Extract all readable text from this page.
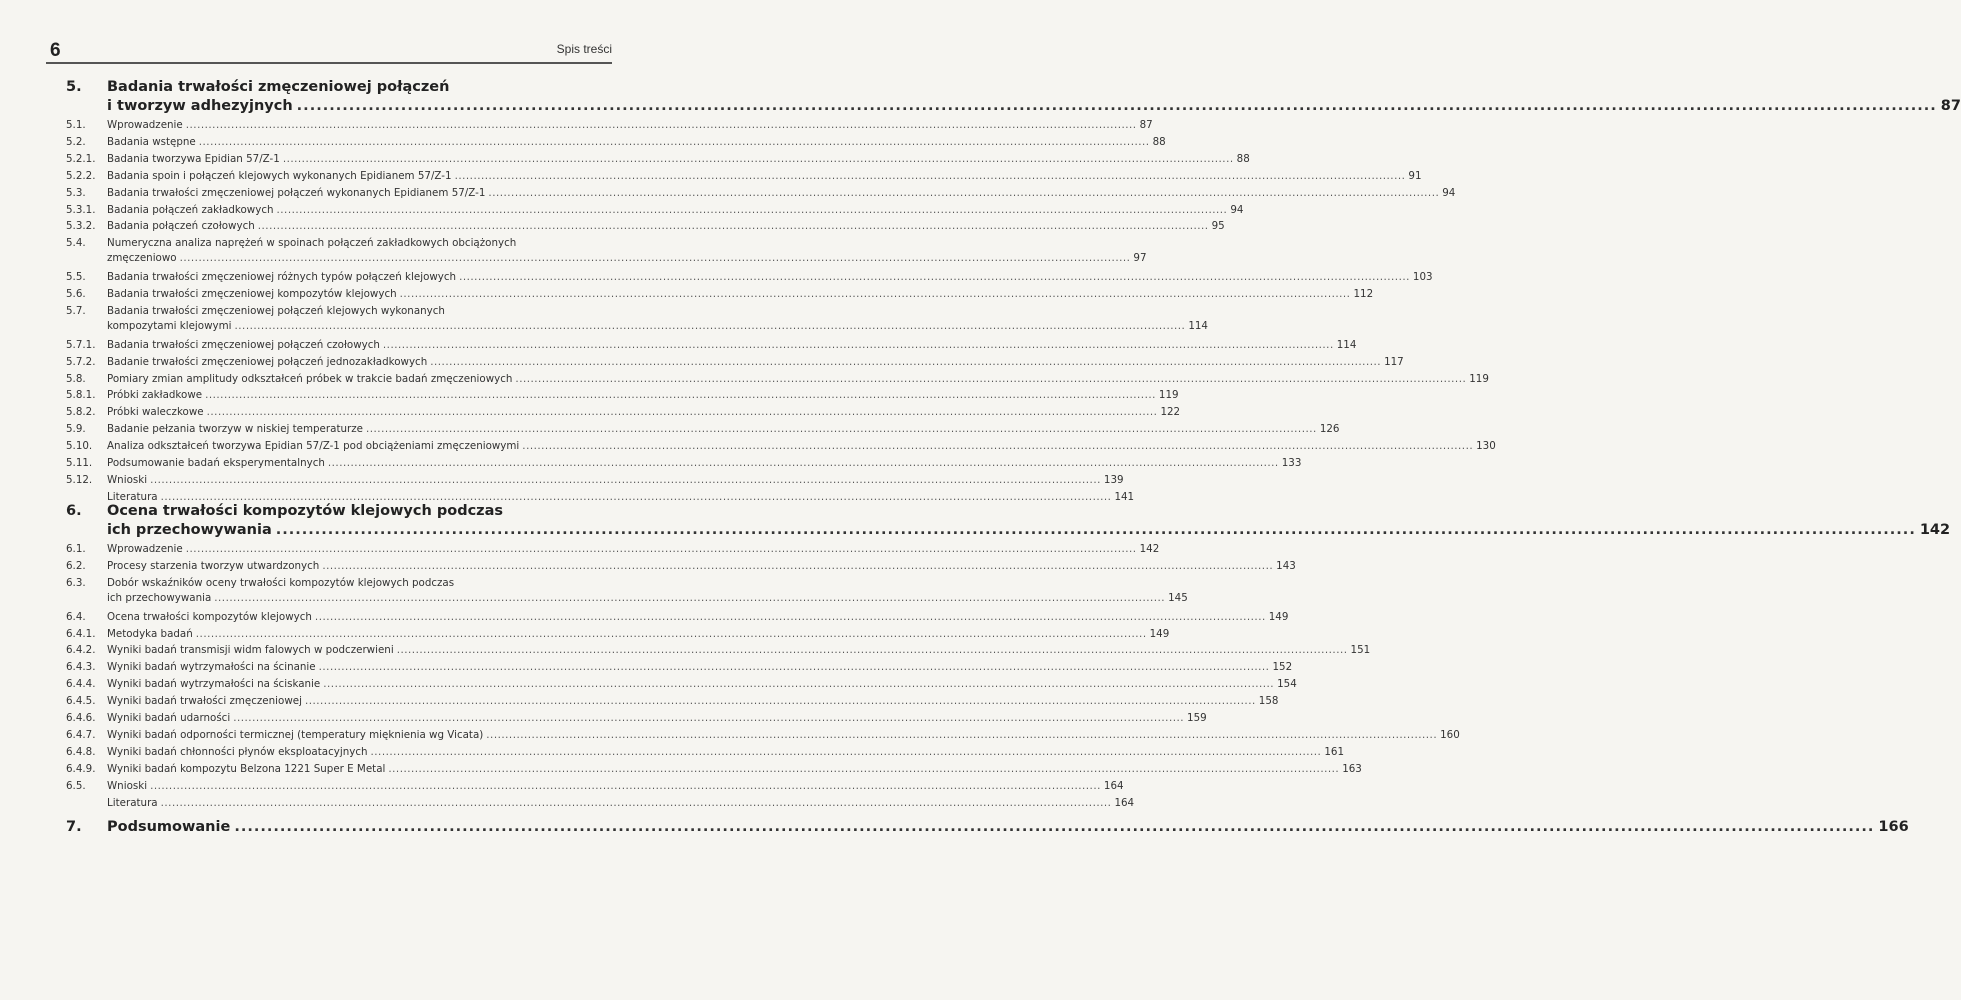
6	Spis treści
5. Badania trwałości zmęczeniowej połączeń
i tworzyw adhezyjnych ............................................................................................................................................................................................................................................................ 87
5.1. Wprowadzenie ............................................................................................................................................................................................................................................................ 87
5.2. Badania wstępne ............................................................................................................................................................................................................................................................ 88
5.2.1. Badania tworzywa Epidian 57/Z-1 ............................................................................................................................................................................................................................................................ 88
5.2.2. Badania spoin i połączeń klejowych wykonanych Epidianem 57/Z-1 ............................................................................................................................................................................................................................................................ 91
5.3. Badania trwałości zmęczeniowej połączeń wykonanych Epidianem 57/Z-1 ............................................................................................................................................................................................................................................................ 94
5.3.1. Badania połączeń zakładkowych ............................................................................................................................................................................................................................................................ 94
5.3.2. Badania połączeń czołowych ............................................................................................................................................................................................................................................................ 95
5.4. Numeryczna analiza naprężeń w spoinach połączeń zakładkowych obciążonych
zmęczeniowo ............................................................................................................................................................................................................................................................ 97
5.5. Badania trwałości zmęczeniowej różnych typów połączeń klejowych ............................................................................................................................................................................................................................................................ 103
5.6. Badania trwałości zmęczeniowej kompozytów klejowych ............................................................................................................................................................................................................................................................ 112
5.7. Badania trwałości zmęczeniowej połączeń klejowych wykonanych
kompozytami klejowymi ............................................................................................................................................................................................................................................................ 114
5.7.1. Badania trwałości zmęczeniowej połączeń czołowych ............................................................................................................................................................................................................................................................ 114
5.7.2. Badanie trwałości zmęczeniowej połączeń jednozakładkowych ............................................................................................................................................................................................................................................................ 117
5.8. Pomiary zmian amplitudy odkształceń próbek w trakcie badań zmęczeniowych ............................................................................................................................................................................................................................................................ 119
5.8.1. Próbki zakładkowe ............................................................................................................................................................................................................................................................ 119
5.8.2. Próbki waleczkowe ............................................................................................................................................................................................................................................................ 122
5.9. Badanie pełzania tworzyw w niskiej temperaturze ............................................................................................................................................................................................................................................................ 126
5.10. Analiza odkształceń tworzywa Epidian 57/Z-1 pod obciążeniami zmęczeniowymi ............................................................................................................................................................................................................................................................ 130
5.11. Podsumowanie badań eksperymentalnych ............................................................................................................................................................................................................................................................ 133
5.12. Wnioski ............................................................................................................................................................................................................................................................ 139
Literatura ............................................................................................................................................................................................................................................................ 141
6. Ocena trwałości kompozytów klejowych podczas
ich przechowywania ............................................................................................................................................................................................................................................................ 142
6.1. Wprowadzenie ............................................................................................................................................................................................................................................................ 142
6.2. Procesy starzenia tworzyw utwardzonych ............................................................................................................................................................................................................................................................ 143
6.3. Dobór wskaźników oceny trwałości kompozytów klejowych podczas
ich przechowywania ............................................................................................................................................................................................................................................................ 145
6.4. Ocena trwałości kompozytów klejowych ............................................................................................................................................................................................................................................................ 149
6.4.1. Metodyka badań ............................................................................................................................................................................................................................................................ 149
6.4.2. Wyniki badań transmisji widm falowych w podczerwieni ............................................................................................................................................................................................................................................................ 151
6.4.3. Wyniki badań wytrzymałości na ścinanie ............................................................................................................................................................................................................................................................ 152
6.4.4. Wyniki badań wytrzymałości na ściskanie ............................................................................................................................................................................................................................................................ 154
6.4.5. Wyniki badań trwałości zmęczeniowej ............................................................................................................................................................................................................................................................ 158
6.4.6. Wyniki badań udarności ............................................................................................................................................................................................................................................................ 159
6.4.7. Wyniki badań odporności termicznej (temperatury mięknienia wg Vicata) ............................................................................................................................................................................................................................................................ 160
6.4.8. Wyniki badań chłonności płynów eksploatacyjnych ............................................................................................................................................................................................................................................................ 161
6.4.9. Wyniki badań kompozytu Belzona 1221 Super E Metal ............................................................................................................................................................................................................................................................ 163
6.5. Wnioski ............................................................................................................................................................................................................................................................ 164
Literatura ............................................................................................................................................................................................................................................................ 164
7. Podsumowanie ............................................................................................................................................................................................................................................................ 166
